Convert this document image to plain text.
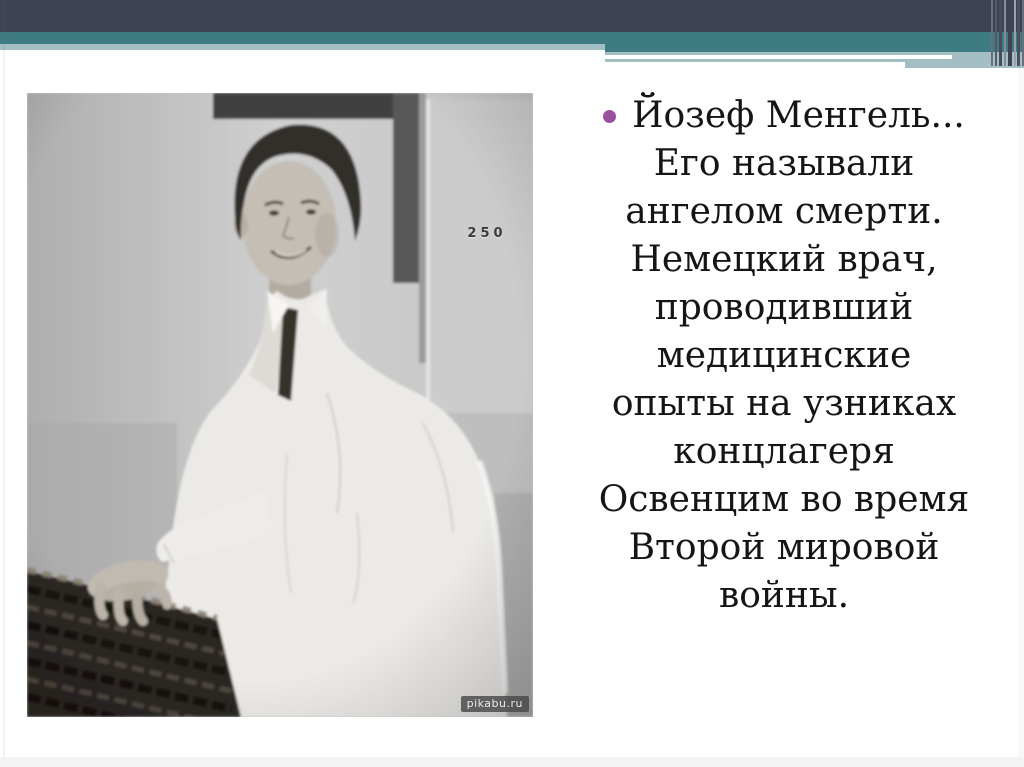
250
pikabu.ru
Йозеф Менгель...
Его называли
ангелом смерти.
Немецкий врач,
проводивший
медицинские
опыты на узниках
концлагеря
Освенцим во время
Второй мировой
войны.
